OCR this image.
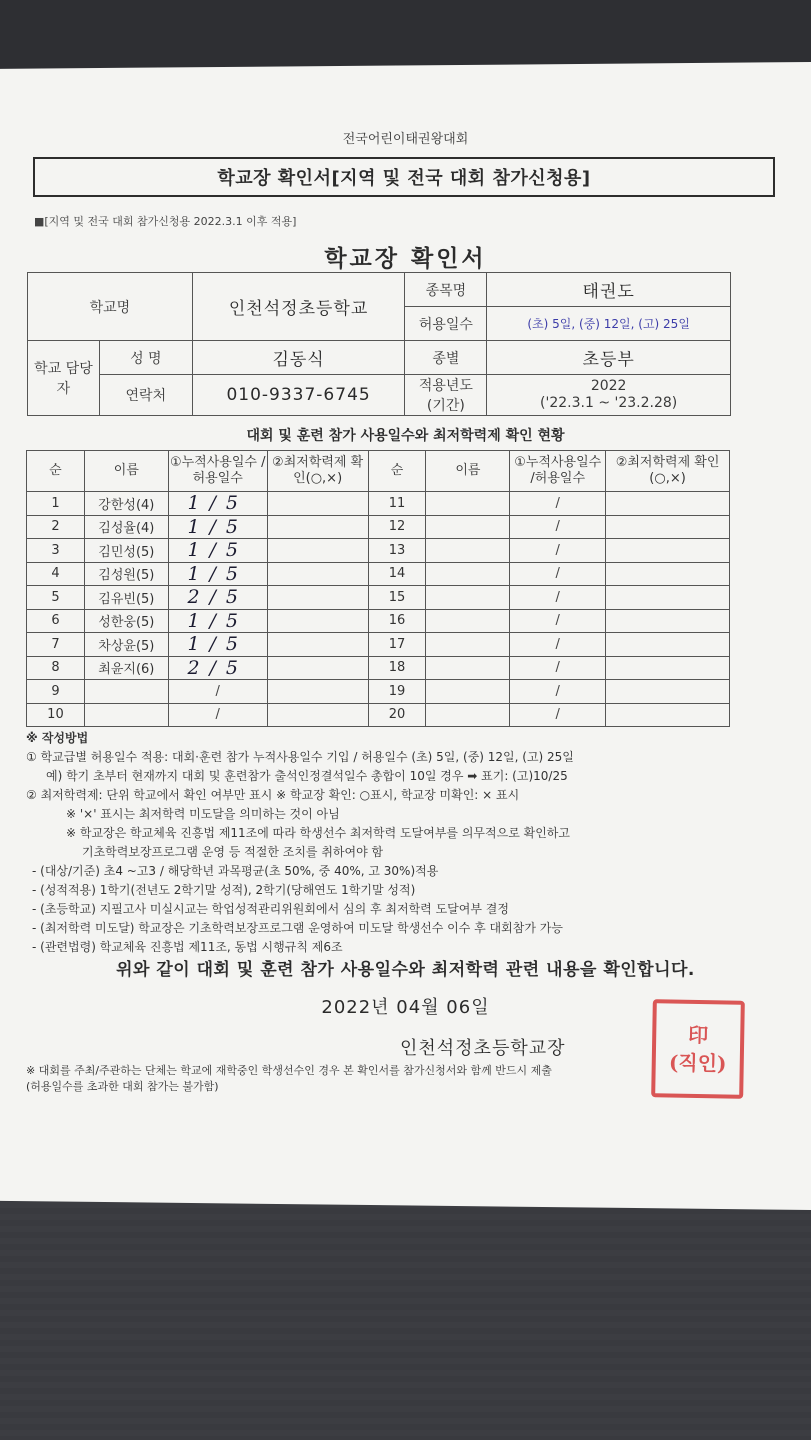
전국어린이태권왕대회
학교장 확인서[지역 및 전국 대회 참가신청용]
■[지역 및 전국 대회 참가신청용 2022.3.1 이후 적용]
학교장 확인서
학교명		인천석정초등학교	종목명	태권도
			허용일수	(초) 5일, (중) 12일, (고) 25일
학교 담당자	성 명	김동식	종별	초등부
	연락처	010-9337-6745	적용년도 (기간)	2022
('22.3.1 ~ '23.2.28)
대회 및 훈련 참가 사용일수와 최저학력제 확인 현황
순	이름	①누적사용일수 /허용일수	②최저학력제 확인(○,×)	순	이름	①누적사용일수 /허용일수	②최저학력제 확인(○,×)
1	강한성(4)	1/5		11		/	
2	김성율(4)	1/5		12		/	
3	김민성(5)	1/5		13		/	
4	김성원(5)	1/5		14		/	
5	김유빈(5)	2/5		15		/	
6	성한웅(5)	1/5		16		/	
7	차상윤(5)	1/5		17		/	
8	최윤지(6)	2/5		18		/	
9		/		19		/	
10		/		20		/	

※ 작성방법

① 학교급별 허용일수 적용: 대회·훈련 참가 누적사용일수 기입 / 허용일수 (초) 5일, (중) 12일, (고) 25일

예) 학기 초부터 현재까지 대회 및 훈련참가 출석인정결석일수 총합이 10일 경우 ➡ 표기: (고)10/25

② 최저학력제: 단위 학교에서 확인 여부만 표시 ※ 학교장 확인: ○표시, 학교장 미확인: × 표시

※ '×' 표시는 최저학력 미도달을 의미하는 것이 아님

※ 학교장은 학교체육 진흥법 제11조에 따라 학생선수 최저학력 도달여부를 의무적으로 확인하고

기초학력보장프로그램 운영 등 적절한 조치를 취하여야 함

- (대상/기준) 초4 ~고3 / 해당학년 과목평균(초 50%, 중 40%, 고 30%)적용

- (성적적용) 1학기(전년도 2학기말 성적), 2학기(당해연도 1학기말 성적)

- (초등학교) 지필고사 미실시교는 학업성적관리위원회에서 심의 후 최저학력 도달여부 결정

- (최저학력 미도달) 학교장은 기초학력보장프로그램 운영하여 미도달 학생선수 이수 후 대회참가 가능

- (관련법령) 학교체육 진흥법 제11조, 동법 시행규칙 제6조

위와 같이 대회 및 훈련 참가 사용일수와 최저학력 관련 내용을 확인합니다.
2022년 04월 06일
인천석정초등학교장
印
(직인)
※ 대회를 주최/주관하는 단체는 학교에 재학중인 학생선수인 경우 본 확인서를 참가신청서와 함께 반드시 제출
(허용일수를 초과한 대회 참가는 불가함)
